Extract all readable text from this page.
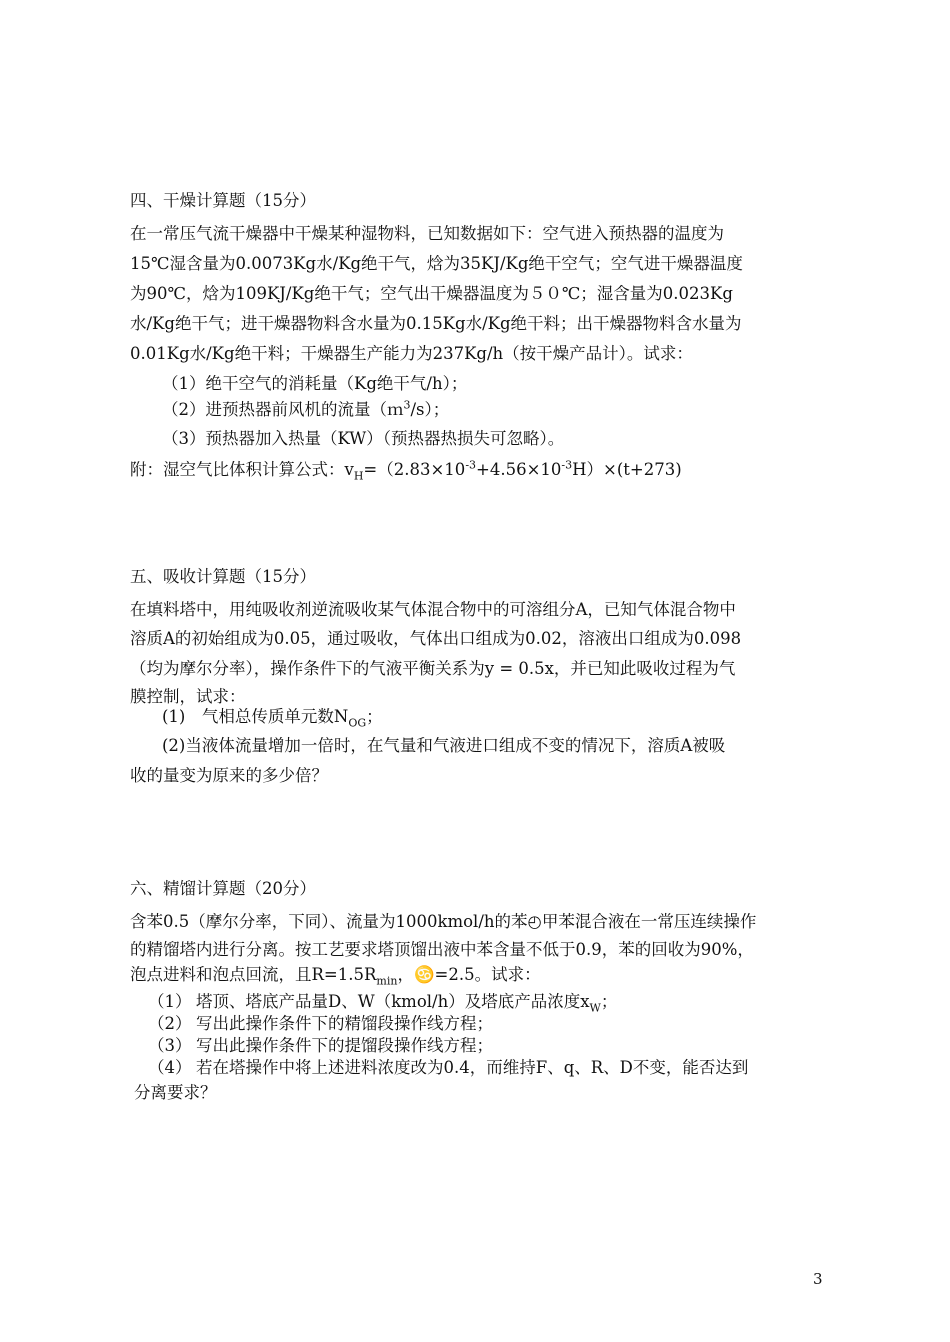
四、干燥计算题（15分）
在一常压气流干燥器中干燥某种湿物料，已知数据如下：空气进入预热器的温度为
15℃湿含量为0.0073Kg水/Kg绝干气，焓为35KJ/Kg绝干空气；空气进干燥器温度
为90℃，焓为109KJ/Kg绝干气；空气出干燥器温度为５０℃；湿含量为0.023Kg
水/Kg绝干气；进干燥器物料含水量为0.15Kg水/Kg绝干料；出干燥器物料含水量为
0.01Kg水/Kg绝干料；干燥器生产能力为237Kg/h（按干燥产品计）。试求：
（1）绝干空气的消耗量（Kg绝干气/h）；
（2）进预热器前风机的流量（ｍ$^3$/s）；
（3）预热器加入热量（KW）（预热器热损失可忽略）。
附：湿空气比体积计算公式：$v_H=(2.83\times 10^{-3}+4.56\times 10^{-3}H)\times(t+273)$
五、吸收计算题（15分）
在填料塔中，用纯吸收剂逆流吸收某气体混合物中的可溶组分A，已知气体混合物中
溶质A的初始组成为0.05，通过吸收，气体出口组成为0.02，溶液出口组成为0.098
（均为摩尔分率），操作条件下的气液平衡关系为y = 0.5x，并已知此吸收过程为气
膜控制，试求：
(1)　气相总传质单元数$N_{OG}$；
(2)当液体流量增加一倍时，在气量和气液进口组成不变的情况下，溶质A被吸
收的量变为原来的多少倍？
六、精馏计算题（20分）
含苯0.5（摩尔分率，下同）、流量为1000kmol/h的苯◴甲苯混合液在一常压连续操作
的精馏塔内进行分离。按工艺要求塔顶馏出液中苯含量不低于0.9，苯的回收为90%，
泡点进料和泡点回流，且$R=1.5R_{min}$，♋=2.5。试求：
（1） 塔顶、塔底产品量D、W（kmol/h）及塔底产品浓度$x_W$；
（2） 写出此操作条件下的精馏段操作线方程；
（3） 写出此操作条件下的提馏段操作线方程；
（4） 若在塔操作中将上述进料浓度改为0.4，而维持F、q、R、D不变，能否达到
分离要求？
3
